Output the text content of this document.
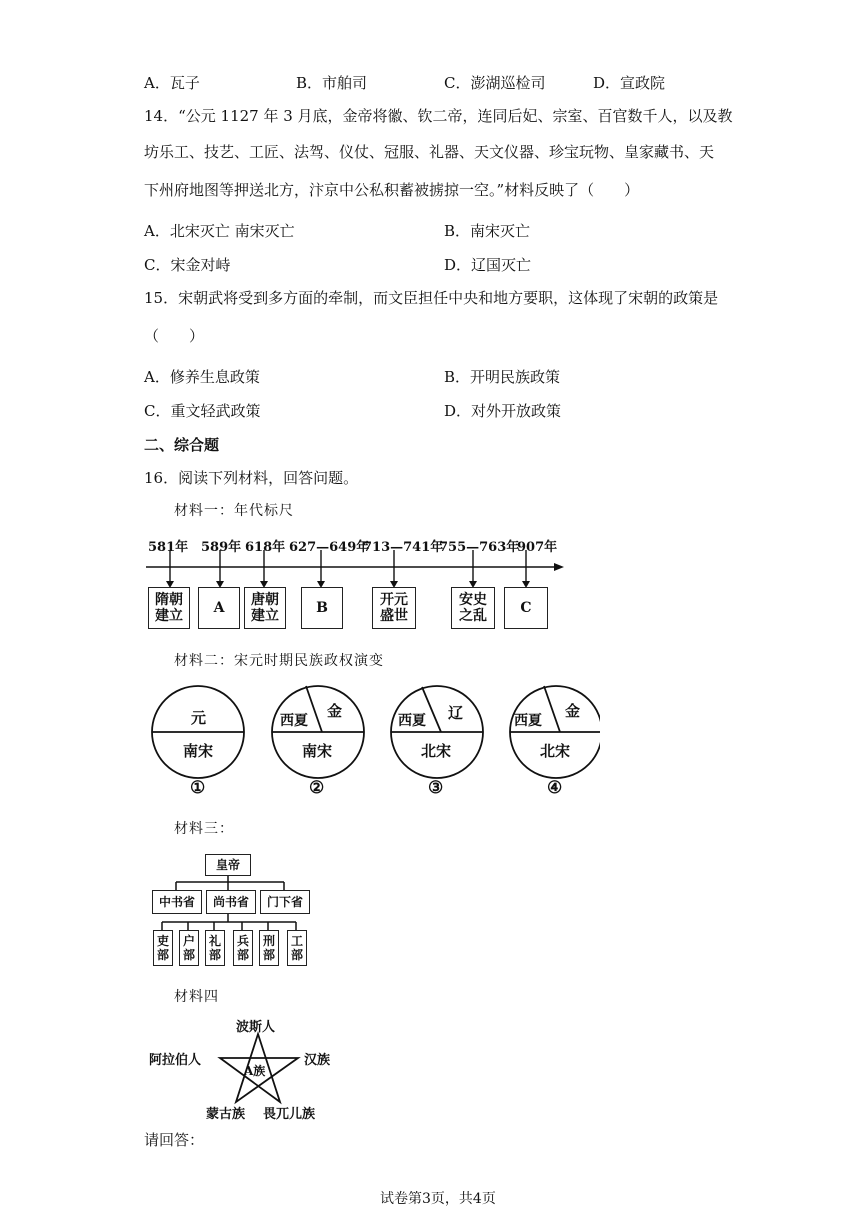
A．瓦子	B．市舶司	C．澎湖巡检司	D．宣政院
14．“公元 1127 年 3 月底，金帝将徽、钦二帝，连同后妃、宗室、百官数千人，以及教
坊乐工、技艺、工匠、法驾、仪仗、冠服、礼器、天文仪器、珍宝玩物、皇家藏书、天
下州府地图等押送北方，汴京中公私积蓄被掳掠一空。”材料反映了（　　）
A．北宋灭亡 南宋灭亡	B．南宋灭亡
C．宋金对峙	D．辽国灭亡
15．宋朝武将受到多方面的牵制，而文臣担任中央和地方要职，这体现了宋朝的政策是
（　　）
A．修养生息政策	B．开明民族政策
C．重文轻武政策	D．对外开放政策
二、综合题
16．阅读下列材料，回答问题。
材料一：年代标尺
581年 589年 618年 627—649年
713—741年
755—763年
907年
隋朝
建立 A 唐朝
建立	B	开元
盛世
安史
之乱 C
材料二：宋元时期民族政权演变
元
南宋
①
西夏
金
南宋
②
西夏 辽
北宋
③
西夏
金
北宋
④
材料三：
皇帝
中书省 尚书省 门下省
吏
部
户
部
礼
部
兵
部
刑
部
工
部
材料四
波斯人
阿拉伯人	汉族
A族
蒙古族 畏兀儿族
请回答：
试卷第3页，共4页
